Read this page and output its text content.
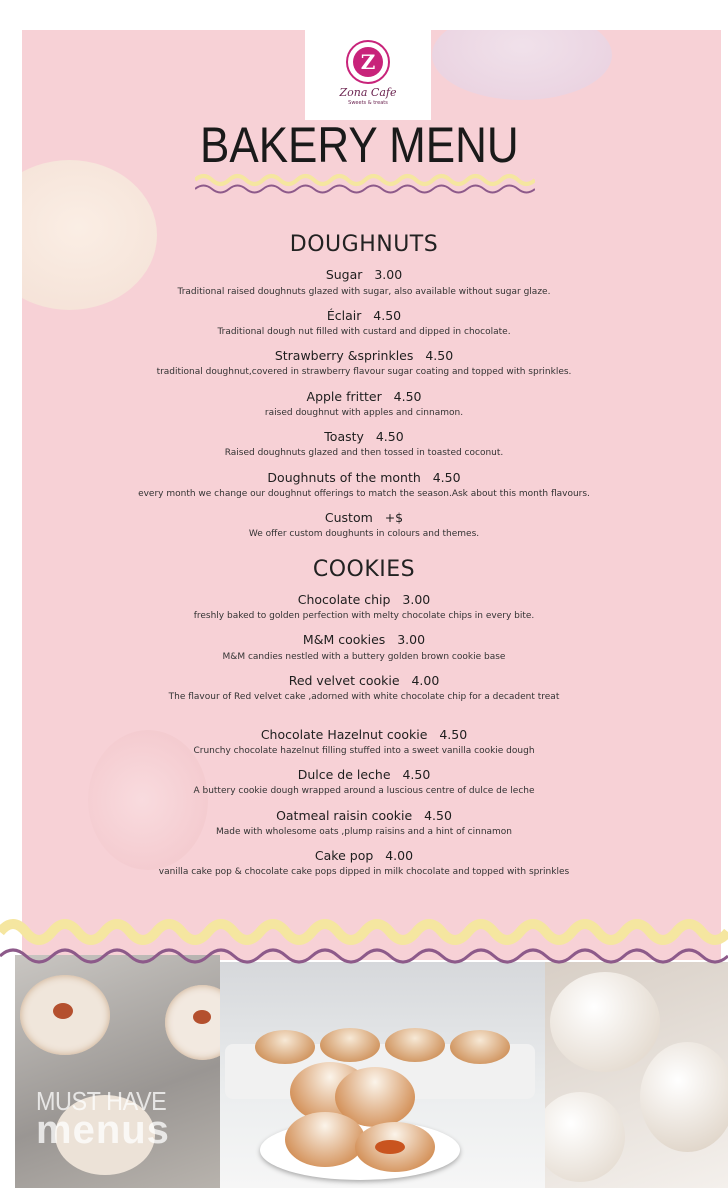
Z
Zona Cafe
Sweets & treats
BAKERY MENU
DOUGHNUTS
COOKIES
Sugar 3.00
Traditional raised doughnuts glazed with sugar, also available without sugar glaze.
Éclair 4.50
Traditional dough nut filled with custard and dipped in chocolate.
Strawberry &sprinkles 4.50
traditional doughnut,covered in strawberry flavour sugar coating and topped with sprinkles.
Apple fritter 4.50
raised doughnut with apples and cinnamon.
Toasty 4.50
Raised doughnuts glazed and then tossed in toasted coconut.
Doughnuts of the month 4.50
every month we change our doughnut offerings to match the season.Ask about this month flavours.
Custom +$
We offer custom doughunts in colours and themes.
Chocolate chip 3.00
freshly baked to golden perfection with melty chocolate chips in every bite.
M&M cookies 3.00
M&M candies nestled with a buttery golden brown cookie base
Red velvet cookie 4.00
The flavour of Red velvet cake ,adorned with white chocolate chip for a decadent treat
Chocolate Hazelnut cookie 4.50
Crunchy chocolate hazelnut filling stuffed into a sweet vanilla cookie dough
Dulce de leche 4.50
A buttery cookie dough wrapped around a luscious centre of dulce de leche
Oatmeal raisin cookie 4.50
Made with wholesome oats ,plump raisins and a hint of cinnamon
Cake pop 4.00
vanilla cake pop & chocolate cake pops dipped in milk chocolate and topped with sprinkles
MUST HAVE
menus
